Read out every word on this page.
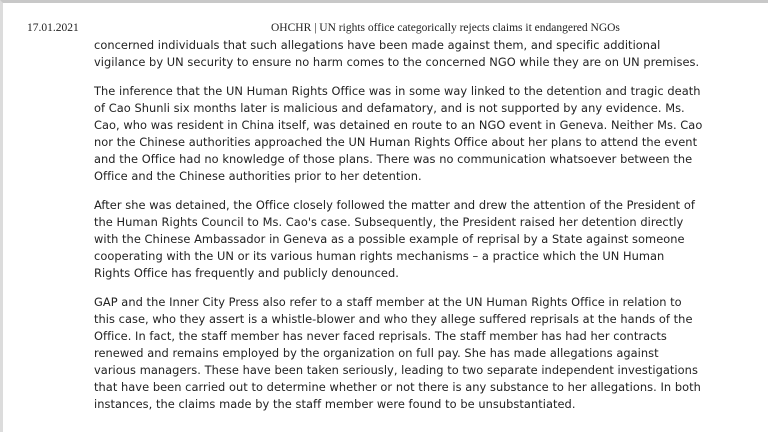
17.01.2021	OHCHR | UN rights office categorically rejects claims it endangered NGOs

concerned individuals that such allegations have been made against them, and specific additional vigilance by UN security to ensure no harm comes to the concerned NGO while they are on UN premises.

The inference that the UN Human Rights Office was in some way linked to the detention and tragic death of Cao Shunli six months later is malicious and defamatory, and is not supported by any evidence. Ms. Cao, who was resident in China itself, was detained en route to an NGO event in Geneva. Neither Ms. Cao nor the Chinese authorities approached the UN Human Rights Office about her plans to attend the event and the Office had no knowledge of those plans. There was no communication whatsoever between the Office and the Chinese authorities prior to her detention.

After she was detained, the Office closely followed the matter and drew the attention of the President of the Human Rights Council to Ms. Cao's case. Subsequently, the President raised her detention directly with the Chinese Ambassador in Geneva as a possible example of reprisal by a State against someone cooperating with the UN or its various human rights mechanisms – a practice which the UN Human Rights Office has frequently and publicly denounced.

GAP and the Inner City Press also refer to a staff member at the UN Human Rights Office in relation to this case, who they assert is a whistle-blower and who they allege suffered reprisals at the hands of the Office. In fact, the staff member has never faced reprisals. The staff member has had her contracts renewed and remains employed by the organization on full pay. She has made allegations against various managers. These have been taken seriously, leading to two separate independent investigations that have been carried out to determine whether or not there is any substance to her allegations. In both instances, the claims made by the staff member were found to be unsubstantiated.
